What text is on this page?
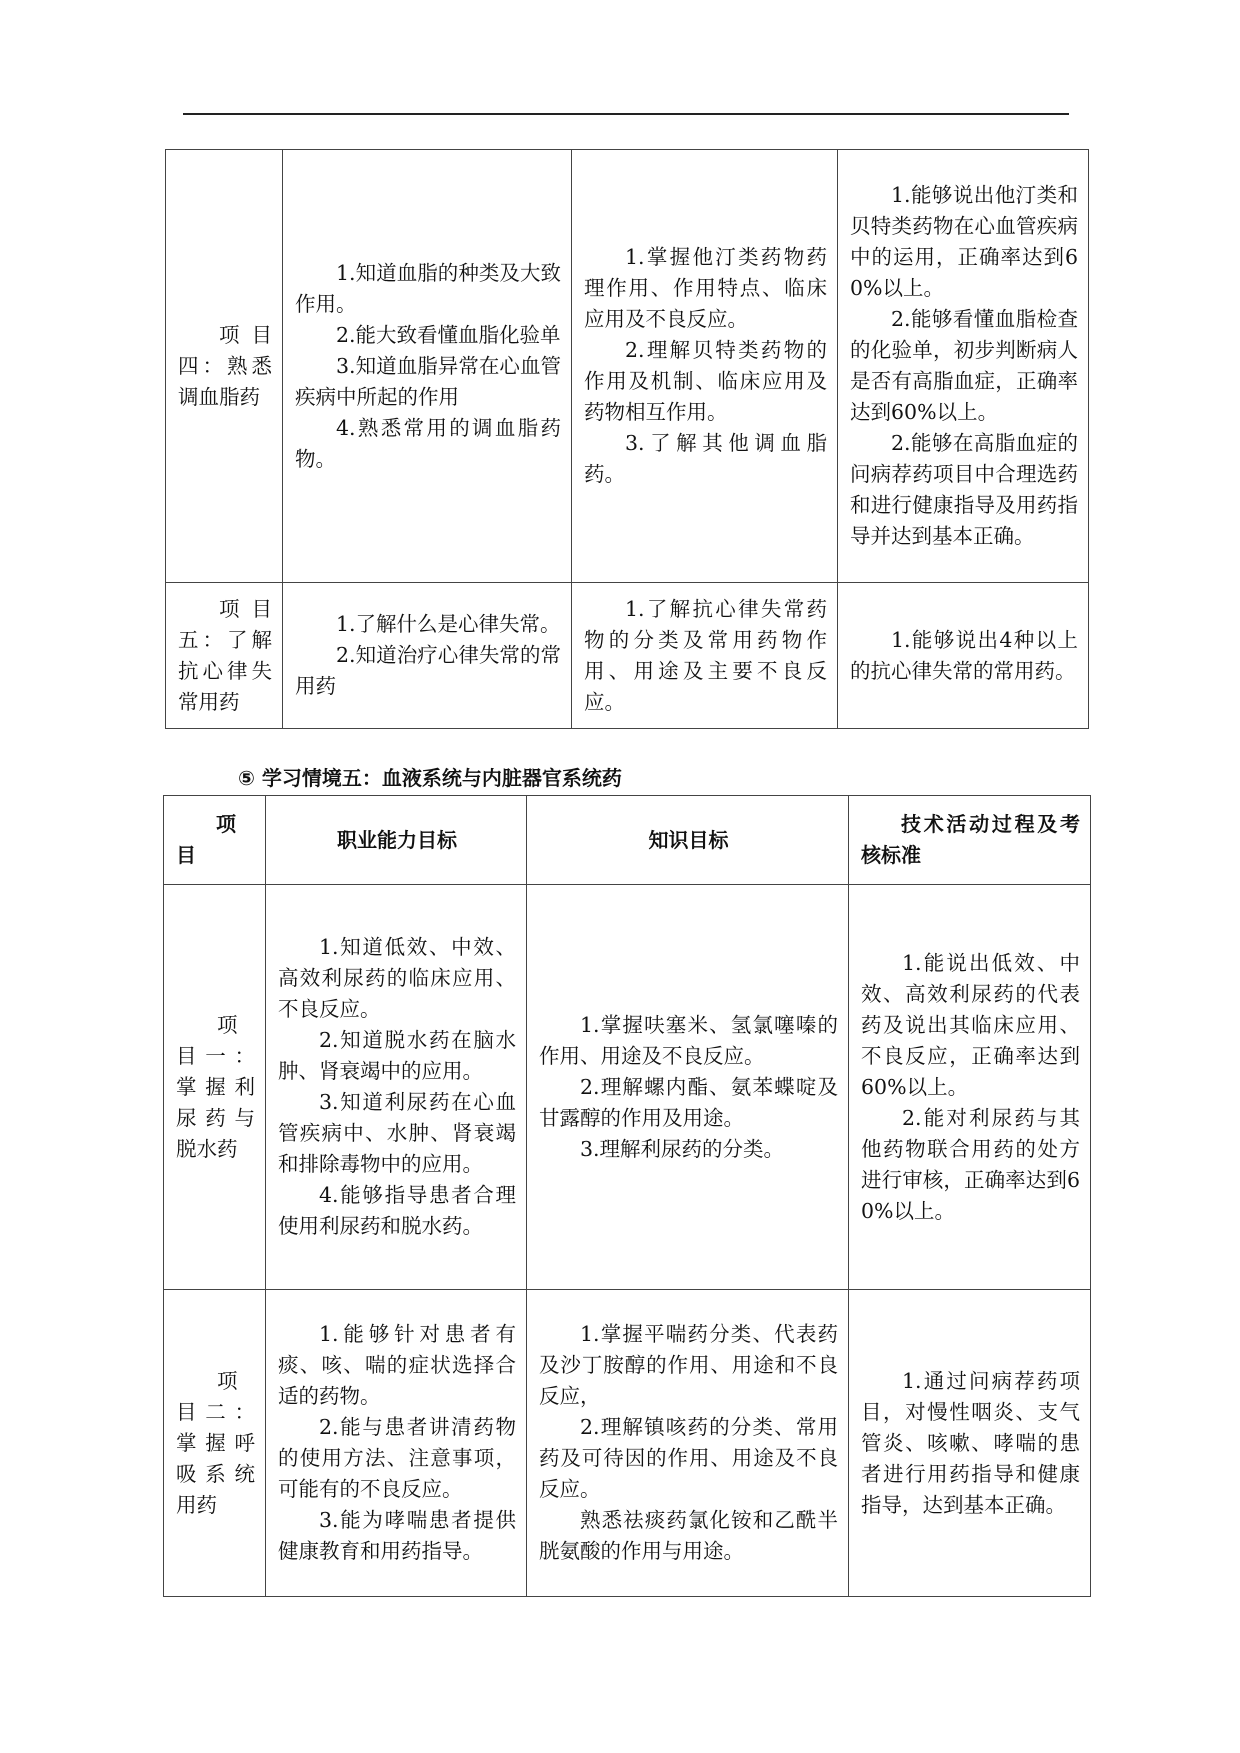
项目四：熟悉调血脂药	1.知道血脂的种类及大致作用。
2.能大致看懂血脂化验单
3.知道血脂异常在心血管疾病中所起的作用
4.熟悉常用的调血脂药物。	1.掌握他汀类药物药理作用、作用特点、临床应用及不良反应。
2.理解贝特类药物的作用及机制、临床应用及药物相互作用。
3.了解其他调血脂药。	1.能够说出他汀类和贝特类药物在心血管疾病中的运用，正确率达到60%以上。
2.能够看懂血脂检查的化验单，初步判断病人是否有高脂血症，正确率达到60%以上。
2.能够在高脂血症的问病荐药项目中合理选药和进行健康指导及用药指导并达到基本正确。

项目五：了解抗心律失常用药	1.了解什么是心律失常。
2.知道治疗心律失常的常用药	1.了解抗心律失常药物的分类及常用药物作用、用途及主要不良反应。	1.能够说出4种以上的抗心律失常的常用药。
⑤ 学习情境五：血液系统与内脏器官系统药
项目	职业能力目标	知识目标	技术活动过程及考核标准

项目一：掌握利尿药与脱水药	1.知道低效、中效、高效利尿药的临床应用、不良反应。
2.知道脱水药在脑水肿、肾衰竭中的应用。
3.知道利尿药在心血管疾病中、水肿、肾衰竭和排除毒物中的应用。
4.能够指导患者合理使用利尿药和脱水药。	1.掌握呋塞米、氢氯噻嗪的作用、用途及不良反应。
2.理解螺内酯、氨苯蝶啶及甘露醇的作用及用途。
3.理解利尿药的分类。	1.能说出低效、中效、高效利尿药的代表药及说出其临床应用、不良反应，正确率达到 60%以上。
2.能对利尿药与其他药物联合用药的处方进行审核，正确率达到60%以上。

项目二：掌握呼吸系统用药	1.能够针对患者有痰、咳、喘的症状选择合适的药物。
2.能与患者讲清药物的使用方法、注意事项，可能有的不良反应。
3.能为哮喘患者提供健康教育和用药指导。	1.掌握平喘药分类、代表药及沙丁胺醇的作用、用途和不良反应，
2.理解镇咳药的分类、常用药及可待因的作用、用途及不良反应。
熟悉祛痰药氯化铵和乙酰半胱氨酸的作用与用途。	1.通过问病荐药项目，对慢性咽炎、支气管炎、咳嗽、哮喘的患者进行用药指导和健康指导，达到基本正确。
